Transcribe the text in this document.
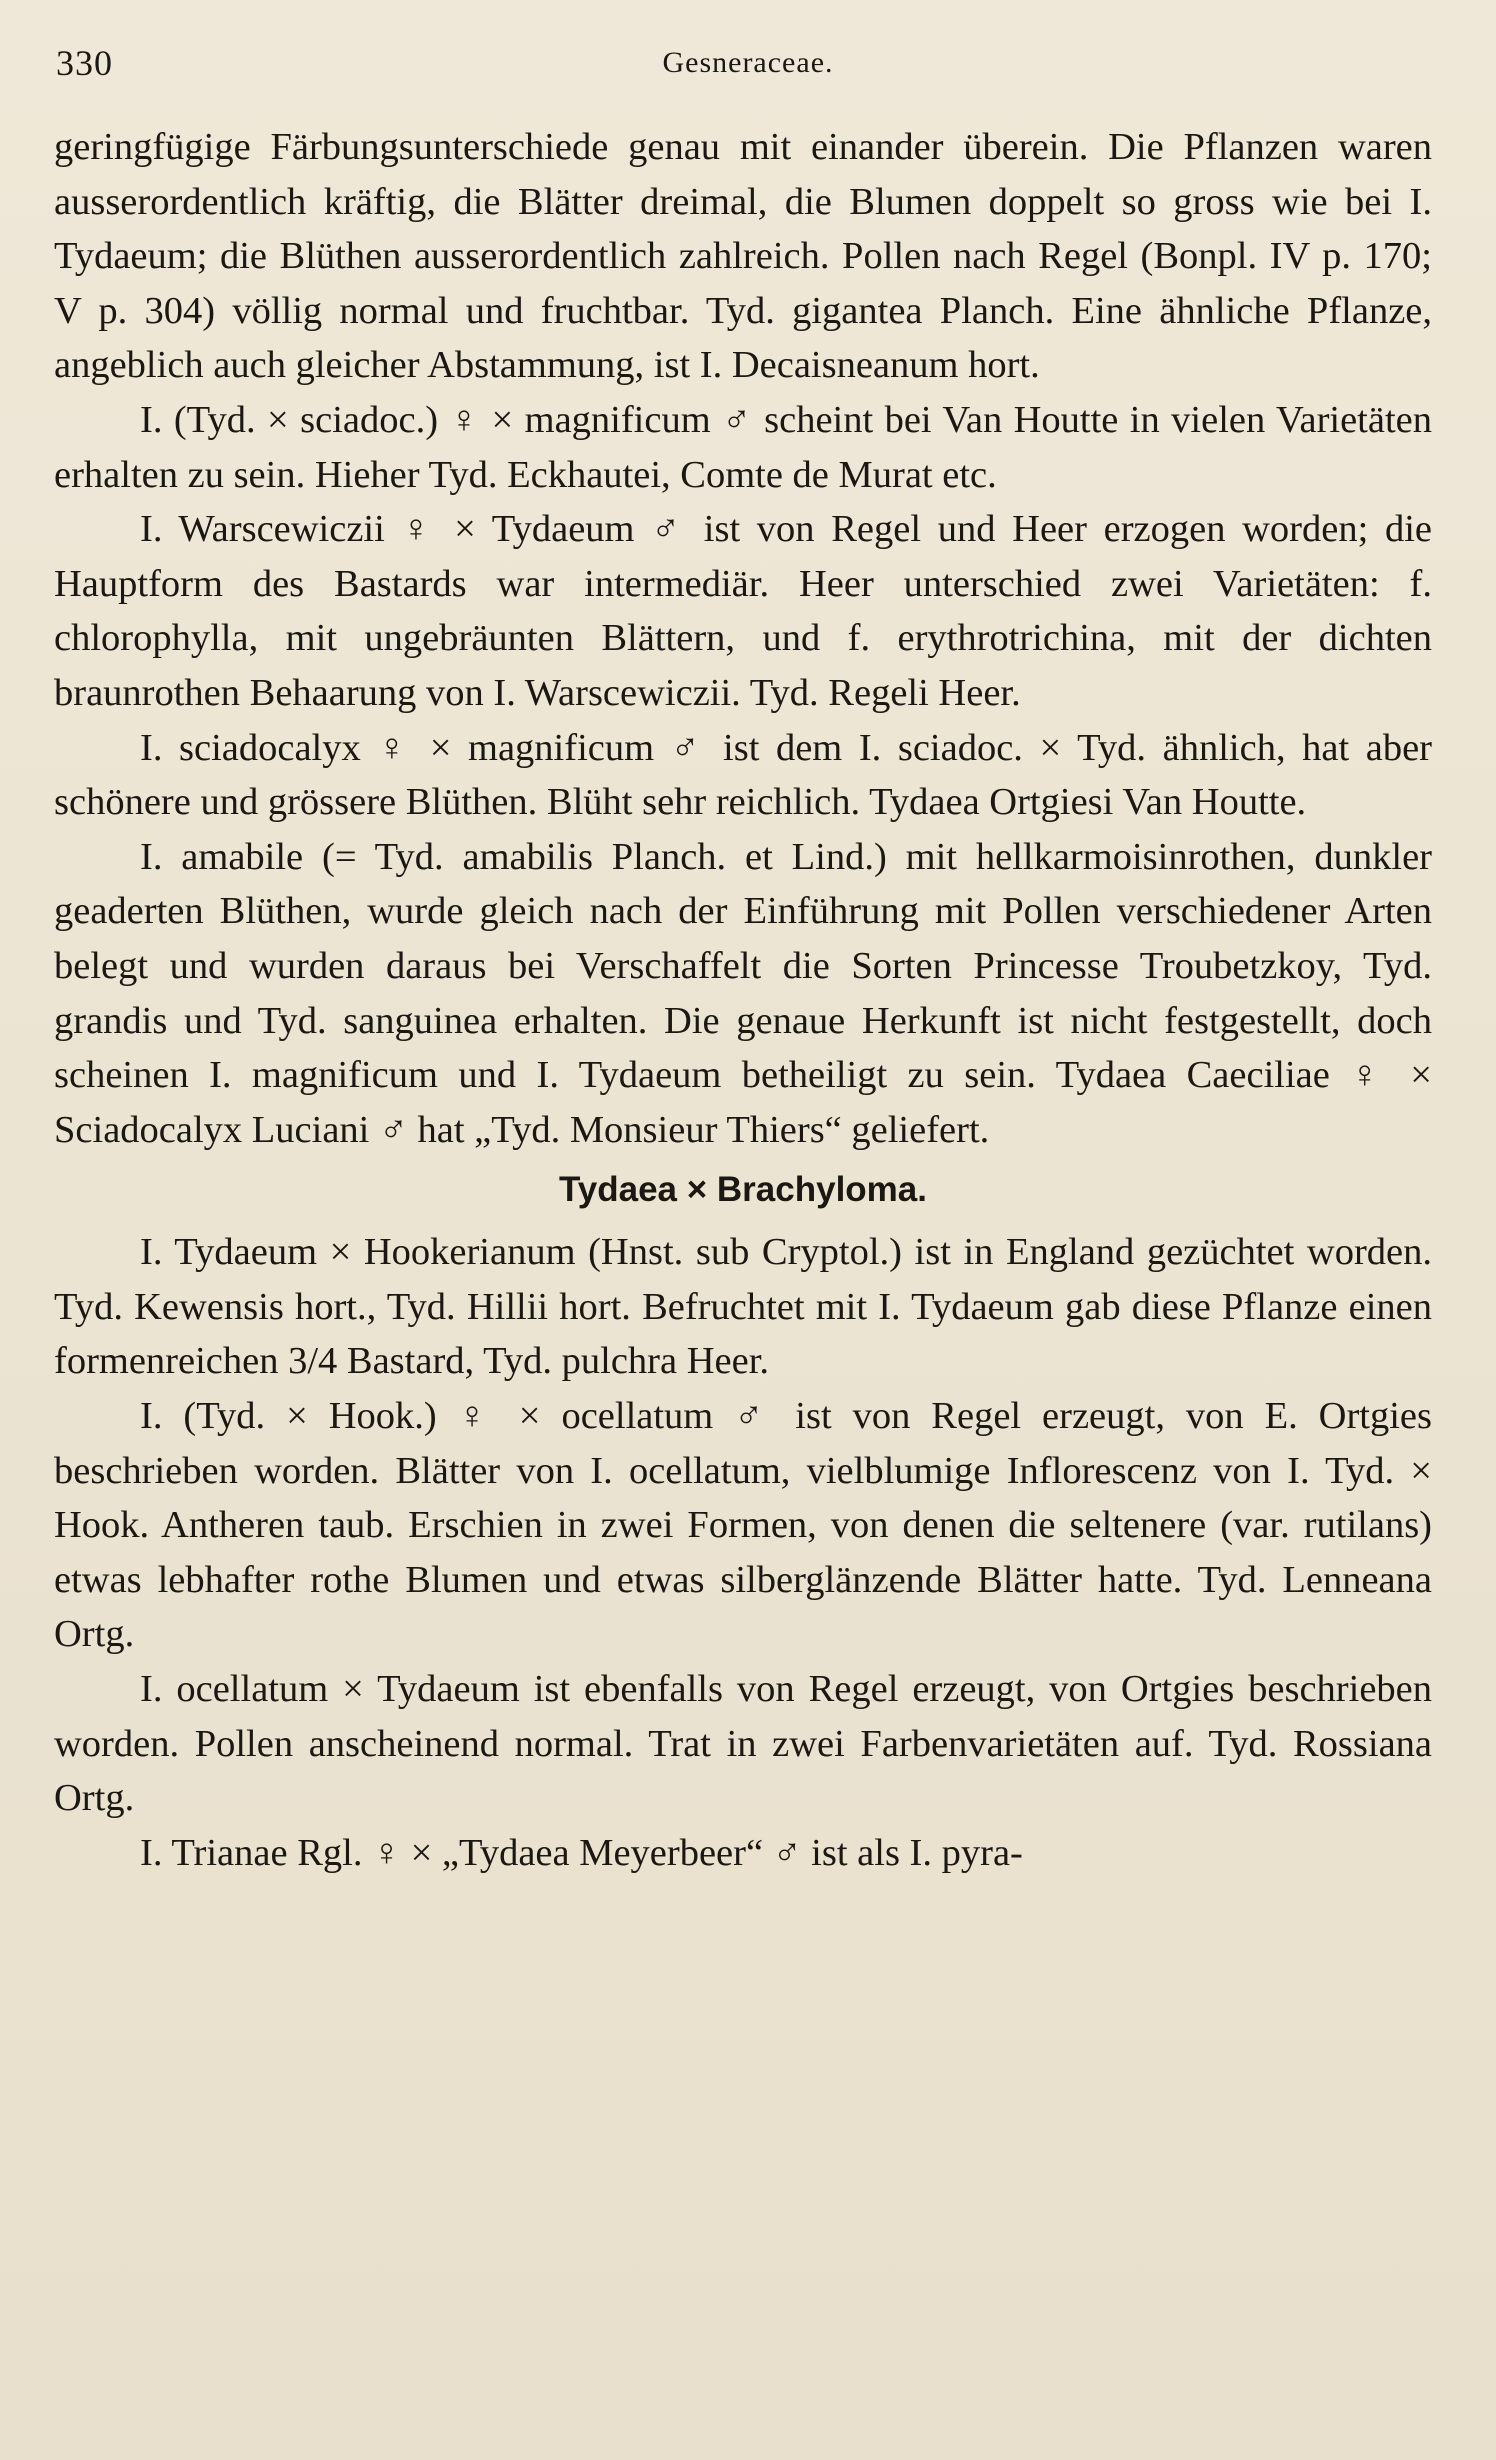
330	Gesneraceae.

geringfügige Färbungsunterschiede genau mit einander überein. Die Pflanzen waren ausserordentlich kräftig, die Blätter dreimal, die Blumen doppelt so gross wie bei I. Tydaeum; die Blüthen ausserordentlich zahlreich. Pollen nach Regel (Bonpl. IV p. 170; V p. 304) völlig normal und fruchtbar. Tyd. gigantea Planch. Eine ähnliche Pflanze, angeblich auch gleicher Abstammung, ist I. Decaisneanum hort.

I. (Tyd. × sciadoc.) ♀ × magnificum ♂ scheint bei Van Houtte in vielen Varietäten erhalten zu sein. Hieher Tyd. Eckhautei, Comte de Murat etc.

I. Warscewiczii ♀ × Tydaeum ♂ ist von Regel und Heer erzogen worden; die Hauptform des Bastards war intermediär. Heer unterschied zwei Varietäten: f. chlorophylla, mit ungebräunten Blättern, und f. erythrotrichina, mit der dichten braunrothen Behaarung von I. Warscewiczii. Tyd. Regeli Heer.

I. sciadocalyx ♀ × magnificum ♂ ist dem I. sciadoc. × Tyd. ähnlich, hat aber schönere und grössere Blüthen. Blüht sehr reichlich. Tydaea Ortgiesi Van Houtte.

I. amabile (= Tyd. amabilis Planch. et Lind.) mit hellkarmoisinrothen, dunkler geaderten Blüthen, wurde gleich nach der Einführung mit Pollen verschiedener Arten belegt und wurden daraus bei Verschaffelt die Sorten Princesse Troubetzkoy, Tyd. grandis und Tyd. sanguinea erhalten. Die genaue Herkunft ist nicht festgestellt, doch scheinen I. magnificum und I. Tydaeum betheiligt zu sein. Tydaea Caeciliae ♀ × Sciadocalyx Luciani ♂ hat „Tyd. Monsieur Thiers“ geliefert.

Tydaea × Brachyloma.

I. Tydaeum × Hookerianum (Hnst. sub Cryptol.) ist in England gezüchtet worden. Tyd. Kewensis hort., Tyd. Hillii hort. Befruchtet mit I. Tydaeum gab diese Pflanze einen formenreichen 3/4 Bastard, Tyd. pulchra Heer.

I. (Tyd. × Hook.) ♀ × ocellatum ♂ ist von Regel erzeugt, von E. Ortgies beschrieben worden. Blätter von I. ocellatum, vielblumige Inflorescenz von I. Tyd. × Hook. Antheren taub. Erschien in zwei Formen, von denen die seltenere (var. rutilans) etwas lebhafter rothe Blumen und etwas silberglänzende Blätter hatte. Tyd. Lenneana Ortg.

I. ocellatum × Tydaeum ist ebenfalls von Regel erzeugt, von Ortgies beschrieben worden. Pollen anscheinend normal. Trat in zwei Farbenvarietäten auf. Tyd. Rossiana Ortg.

I. Trianae Rgl. ♀ × „Tydaea Meyerbeer“ ♂ ist als I. pyra-
